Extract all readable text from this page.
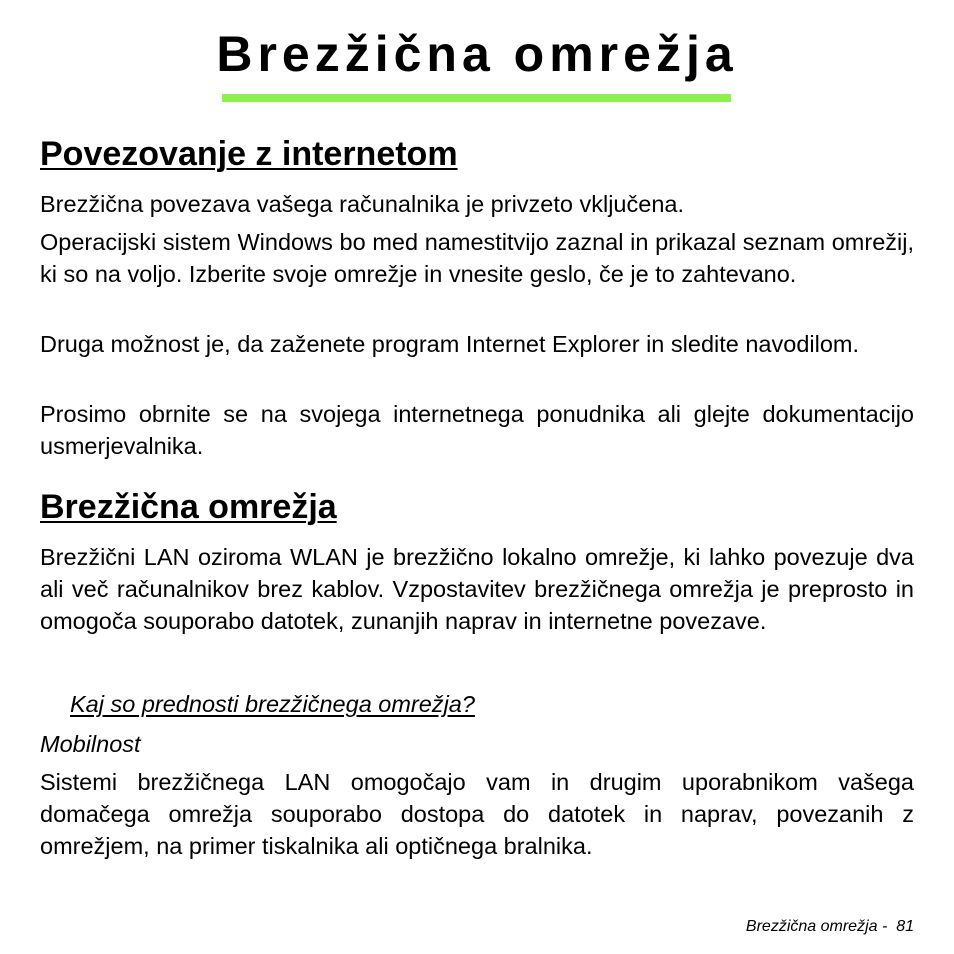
Brezžična omrežja
Povezovanje z internetom

Brezžična povezava vašega računalnika je privzeto vključena.

Operacijski sistem Windows bo med namestitvijo zaznal in prikazal seznam omrežij, ki so na voljo. Izberite svoje omrežje in vnesite geslo, če je to zahtevano.

Druga možnost je, da zaženete program Internet Explorer in sledite navodilom.

Prosimo obrnite se na svojega internetnega ponudnika ali glejte dokumentacijo usmerjevalnika.

Brezžična omrežja

Brezžični LAN oziroma WLAN je brezžično lokalno omrežje, ki lahko povezuje dva ali več računalnikov brez kablov. Vzpostavitev brezžičnega omrežja je preprosto in omogoča souporabo datotek, zunanjih naprav in internetne povezave.

Kaj so prednosti brezžičnega omrežja?

Mobilnost

Sistemi brezžičnega LAN omogočajo vam in drugim uporabnikom vašega domačega omrežja souporabo dostopa do datotek in naprav, povezanih z omrežjem, na primer tiskalnika ali optičnega bralnika.

Brezžična omrežja -  81
